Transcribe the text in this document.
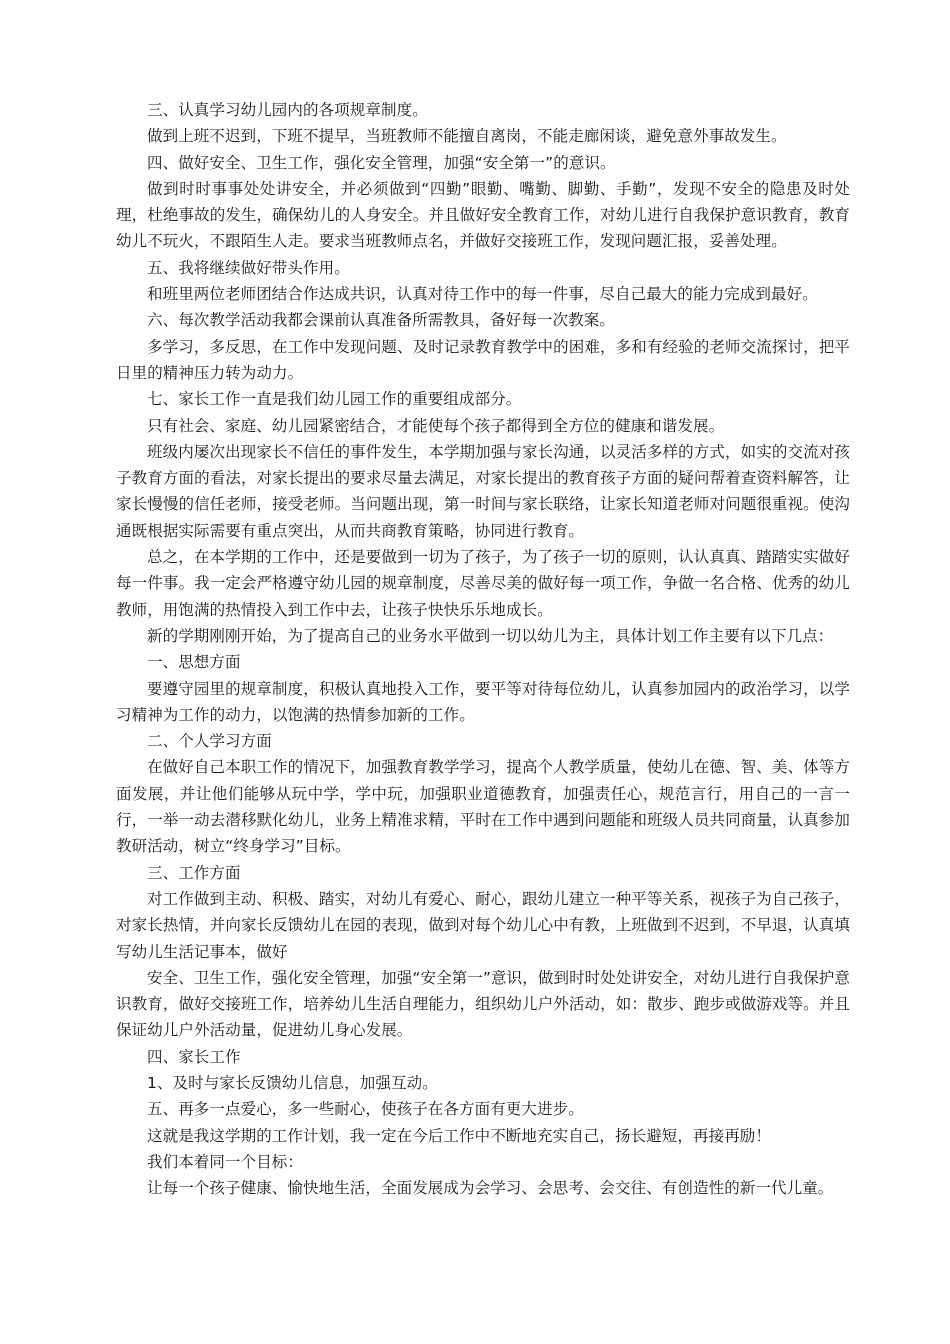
三、认真学习幼儿园内的各项规章制度。

做到上班不迟到，下班不提早，当班教师不能擅自离岗，不能走廊闲谈，避免意外事故发生。

四、做好安全、卫生工作，强化安全管理，加强“安全第一”的意识。

做到时时事事处处讲安全，并必须做到“四勤”眼勤、嘴勤、脚勤、手勤”，发现不安全的隐患及时处理，杜绝事故的发生，确保幼儿的人身安全。并且做好安全教育工作，对幼儿进行自我保护意识教育，教育幼儿不玩火，不跟陌生人走。要求当班教师点名，并做好交接班工作，发现问题汇报，妥善处理。

五、我将继续做好带头作用。

和班里两位老师团结合作达成共识，认真对待工作中的每一件事，尽自己最大的能力完成到最好。

六、每次教学活动我都会课前认真准备所需教具，备好每一次教案。

多学习，多反思，在工作中发现问题、及时记录教育教学中的困难，多和有经验的老师交流探讨，把平日里的精神压力转为动力。

七、家长工作一直是我们幼儿园工作的重要组成部分。

只有社会、家庭、幼儿园紧密结合，才能使每个孩子都得到全方位的健康和谐发展。

班级内屡次出现家长不信任的事件发生，本学期加强与家长沟通，以灵活多样的方式，如实的交流对孩子教育方面的看法，对家长提出的要求尽量去满足，对家长提出的教育孩子方面的疑问帮着查资料解答，让家长慢慢的信任老师，接受老师。当问题出现，第一时间与家长联络，让家长知道老师对问题很重视。使沟通既根据实际需要有重点突出，从而共商教育策略，协同进行教育。

总之，在本学期的工作中，还是要做到一切为了孩子，为了孩子一切的原则，认认真真、踏踏实实做好每一件事。我一定会严格遵守幼儿园的规章制度，尽善尽美的做好每一项工作，争做一名合格、优秀的幼儿教师，用饱满的热情投入到工作中去，让孩子快快乐乐地成长。

新的学期刚刚开始，为了提高自己的业务水平做到一切以幼儿为主，具体计划工作主要有以下几点：

一、思想方面

要遵守园里的规章制度，积极认真地投入工作，要平等对待每位幼儿，认真参加园内的政治学习，以学习精神为工作的动力，以饱满的热情参加新的工作。

二、个人学习方面

在做好自己本职工作的情况下，加强教育教学学习，提高个人教学质量，使幼儿在德、智、美、体等方面发展，并让他们能够从玩中学，学中玩，加强职业道德教育，加强责任心，规范言行，用自己的一言一行，一举一动去潜移默化幼儿，业务上精准求精，平时在工作中遇到问题能和班级人员共同商量，认真参加教研活动，树立“终身学习”目标。

三、工作方面

对工作做到主动、积极、踏实，对幼儿有爱心、耐心，跟幼儿建立一种平等关系，视孩子为自己孩子，对家长热情，并向家长反馈幼儿在园的表现，做到对每个幼儿心中有教，上班做到不迟到，不早退，认真填写幼儿生活记事本，做好

安全、卫生工作，强化安全管理，加强“安全第一”意识，做到时时处处讲安全，对幼儿进行自我保护意识教育，做好交接班工作，培养幼儿生活自理能力，组织幼儿户外活动，如：散步、跑步或做游戏等。并且保证幼儿户外活动量，促进幼儿身心发展。

四、家长工作

1、及时与家长反馈幼儿信息，加强互动。

五、再多一点爱心，多一些耐心，使孩子在各方面有更大进步。

这就是我这学期的工作计划，我一定在今后工作中不断地充实自己，扬长避短，再接再励！

我们本着同一个目标：

让每一个孩子健康、愉快地生活，全面发展成为会学习、会思考、会交往、有创造性的新一代儿童。
